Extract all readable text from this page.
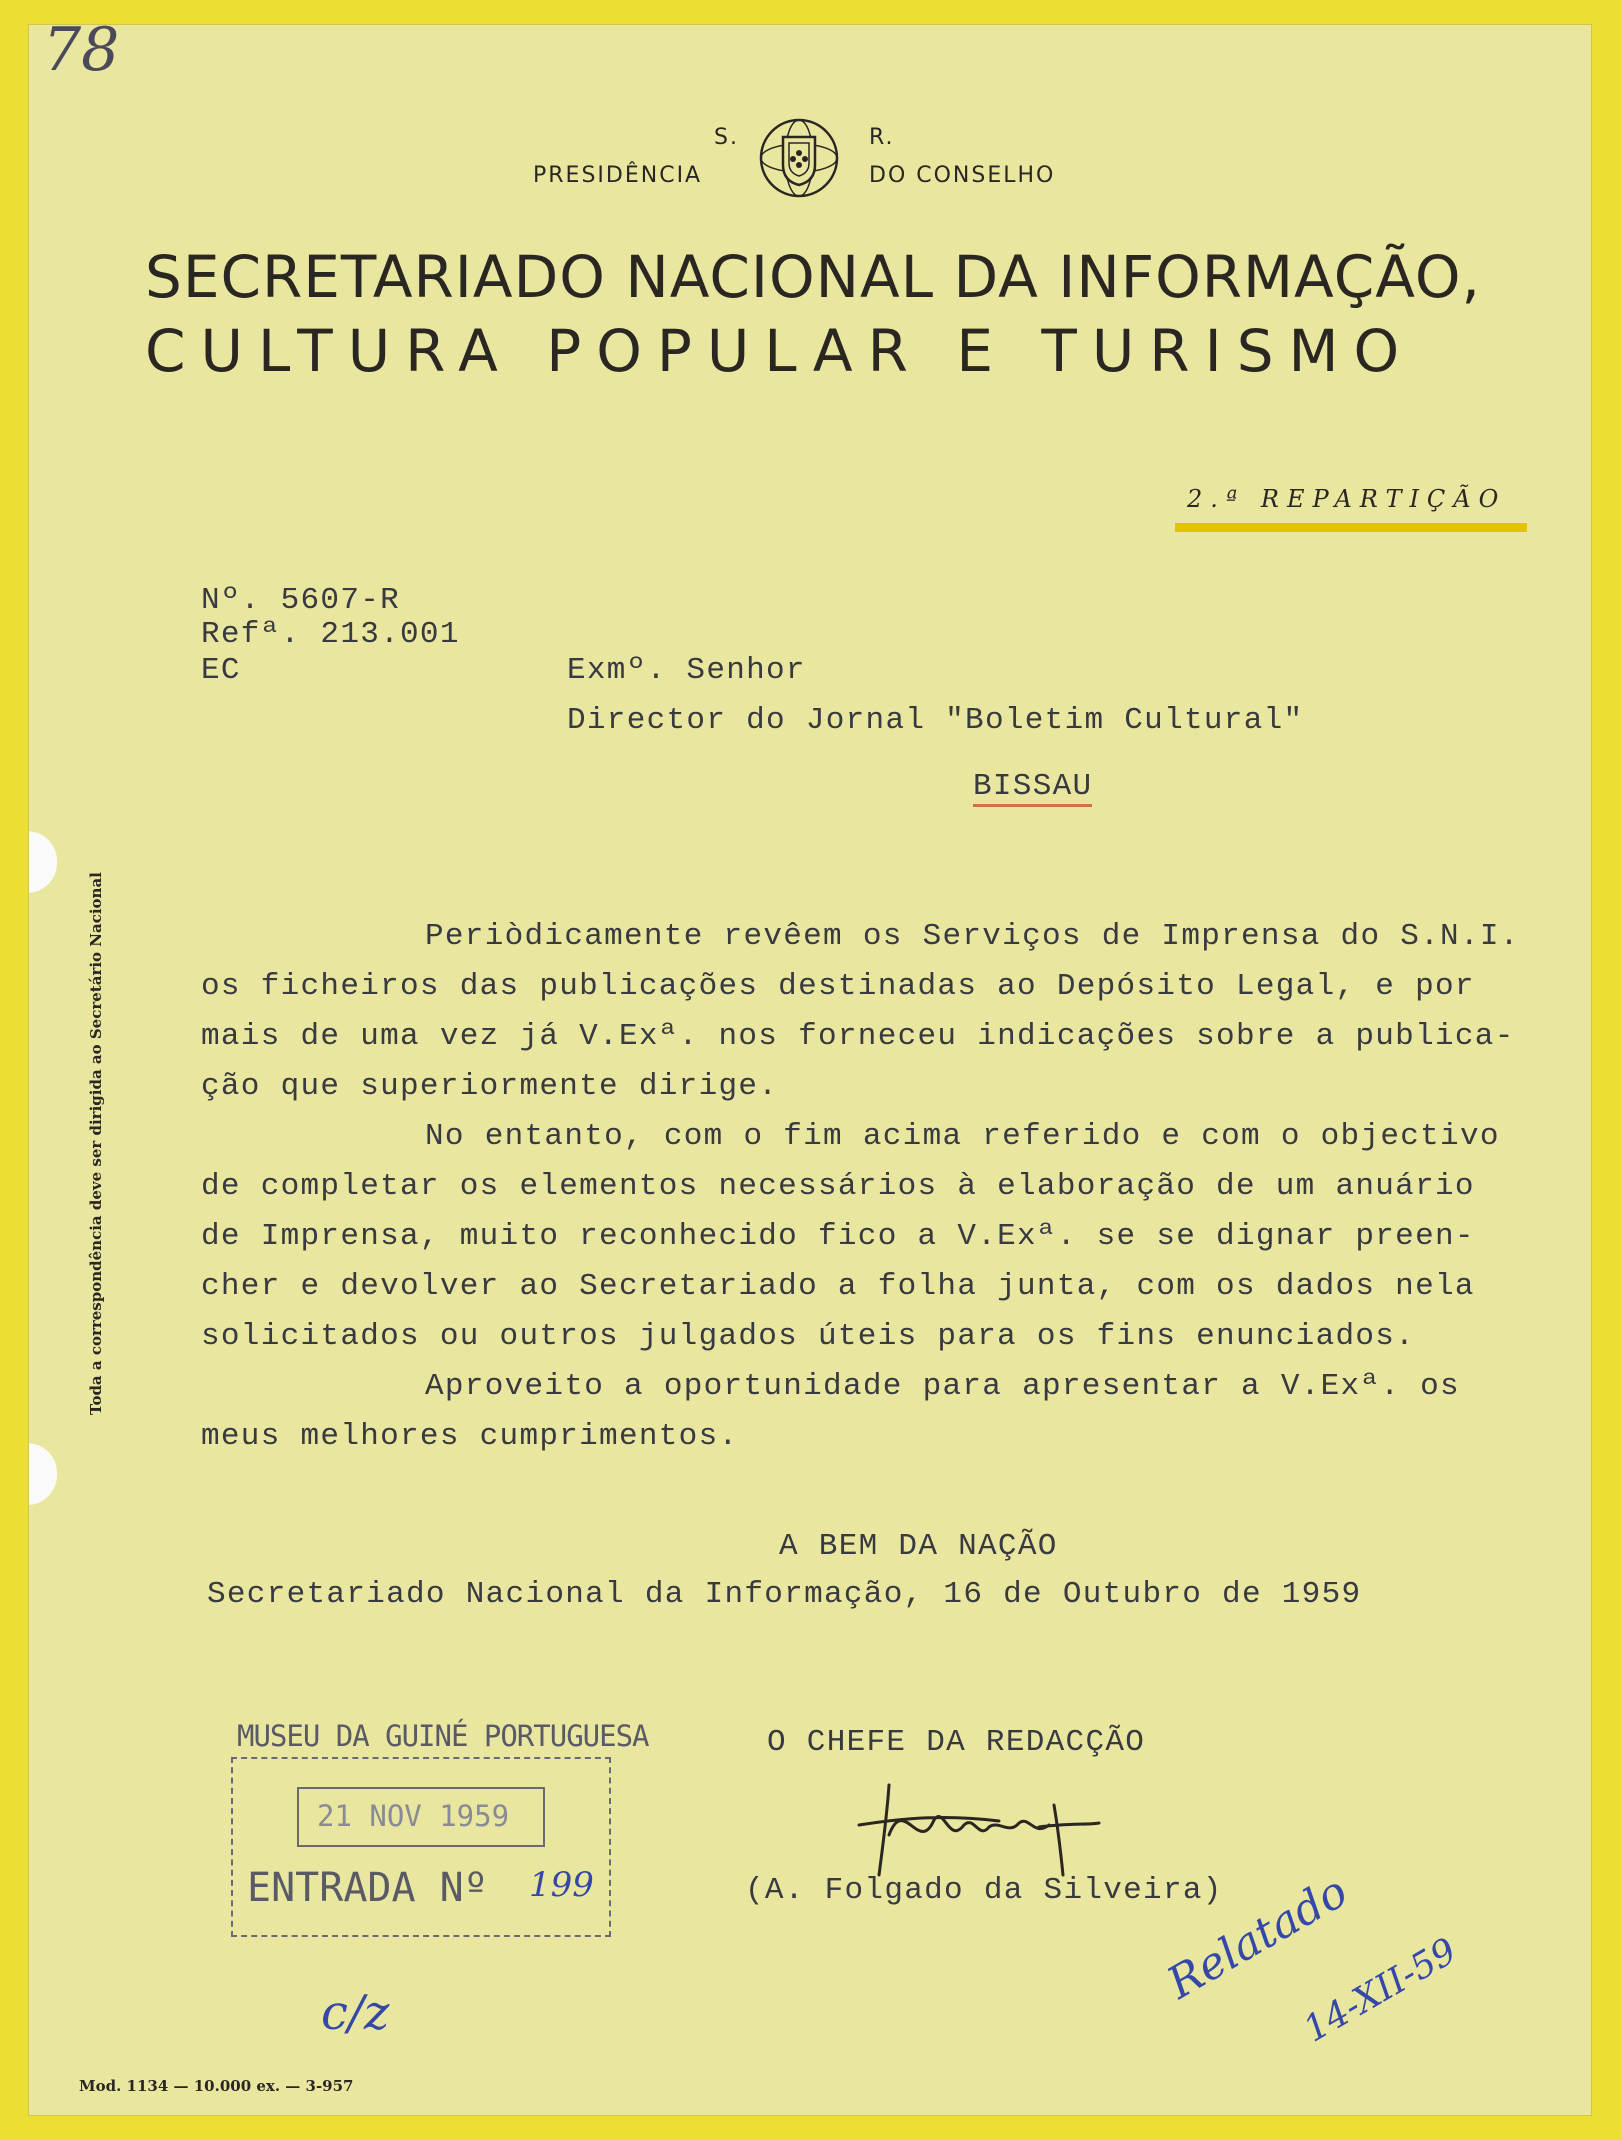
78
Toda a correspondência deve ser dirigida ao Secretário Nacional
S.	R.
PRESIDÊNCIA	DO CONSELHO
SECRETARIADO NACIONAL DA INFORMAÇÃO,
CULTURA POPULAR E TURISMO
2.ª REPARTIÇÃO
Nº. 5607-R
Refª. 213.001
EC	Exmº. Senhor
Director do Jornal "Boletim Cultural"
BISSAU
Periòdicamente revêem os Serviços de Imprensa do S.N.I.
os ficheiros das publicações destinadas ao Depósito Legal, e por
mais de uma vez já V.Exª. nos forneceu indicações sobre a publica-
ção que superiormente dirige.
No entanto, com o fim acima referido e com o objectivo
de completar os elementos necessários à elaboração de um anuário
de Imprensa, muito reconhecido fico a V.Exª. se se dignar preen-
cher e devolver ao Secretariado a folha junta, com os dados nela
solicitados ou outros julgados úteis para os fins enunciados.
Aproveito a oportunidade para apresentar a V.Exª. os
meus melhores cumprimentos.
A BEM DA NAÇÃO
Secretariado Nacional da Informação, 16 de Outubro de 1959
O CHEFE DA REDACÇÃO
(A. Folgado da Silveira)
MUSEU DA GUINÉ PORTUGUESA
21 NOV 1959
ENTRADA Nº 199
c/z
Relatado
14-XII-59
Mod. 1134 — 10.000 ex. — 3-957
